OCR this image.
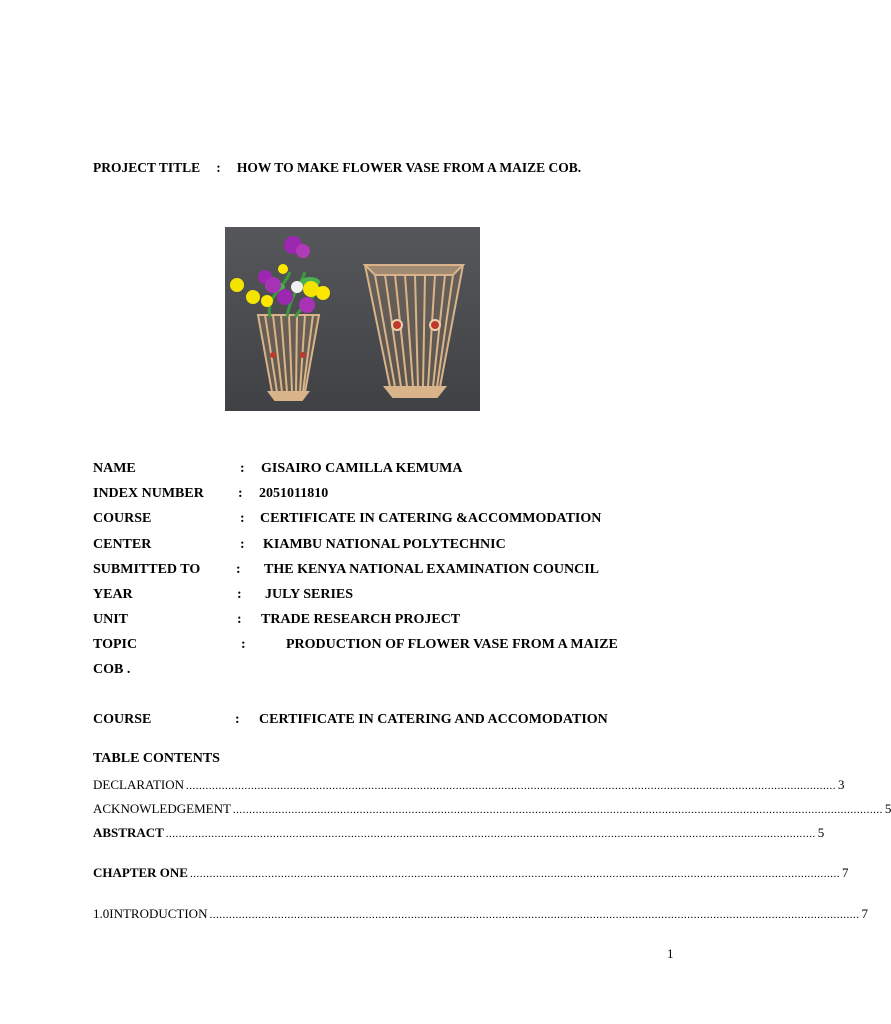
PROJECT TITLE : HOW TO MAKE FLOWER VASE FROM A MAIZE COB.
NAME	: GISAIRO CAMILLA KEMUMA
INDEX NUMBER : 2051011810
COURSE	: CERTIFICATE IN CATERING &ACCOMMODATION
CENTER	: KIAMBU NATIONAL POLYTECHNIC
SUBMITTED TO	: THE KENYA NATIONAL EXAMINATION COUNCIL
YEAR	: JULY SERIES
UNIT	: TRADE RESEARCH PROJECT
TOPIC	:	PRODUCTION OF FLOWER VASE FROM A MAIZE
COB .
COURSE	: CERTIFICATE IN CATERING AND ACCOMODATION
TABLE CONTENTS
DECLARATION ........................................................................................................................................................................................................ 3
ACKNOWLEDGEMENT ........................................................................................................................................................................................................ 5
ABSTRACT ........................................................................................................................................................................................................ 5
CHAPTER ONE ........................................................................................................................................................................................................ 7
1.0INTRODUCTION ........................................................................................................................................................................................................ 7
1
